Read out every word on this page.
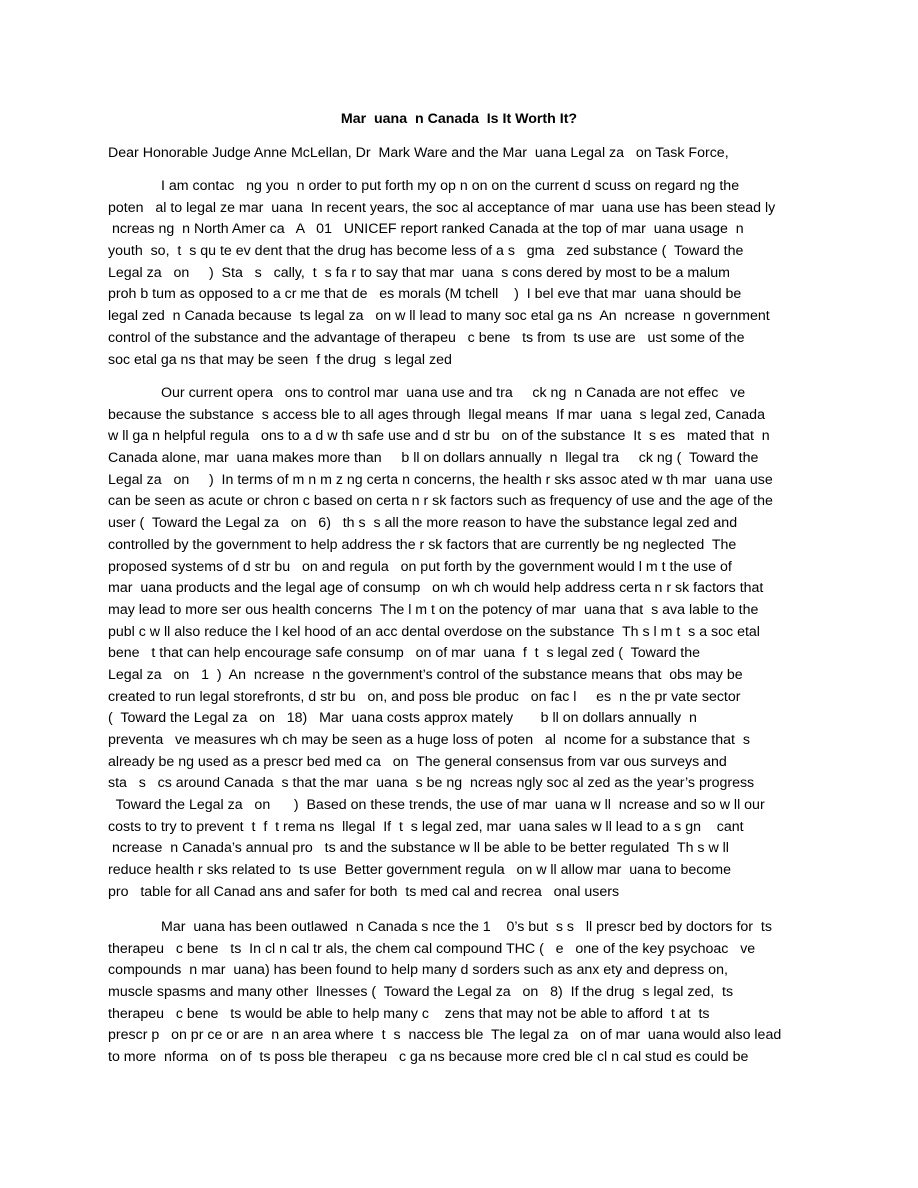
Mar  uana  n Canada  Is It Worth It?
Dear Honorable Judge Anne McLellan, Dr  Mark Ware and the Mar  uana Legal za   on Task Force,
I am contac   ng you  n order to put forth my op n on on the current d scuss on regard ng the
poten   al to legal ze mar  uana  In recent years, the soc al acceptance of mar  uana use has been stead ly
ncreas ng  n North Amer ca   A   01   UNICEF report ranked Canada at the top of mar  uana usage  n
youth  so,  t  s qu te ev dent that the drug has become less of a s   gma   zed substance (  Toward the
Legal za   on     )  Sta   s   cally,  t  s fa r to say that mar  uana  s cons dered by most to be a malum
proh b tum as opposed to a cr me that de   es morals (M tchell    )  I bel eve that mar  uana should be
legal zed  n Canada because  ts legal za   on w ll lead to many soc etal ga ns  An  ncrease  n government
control of the substance and the advantage of therapeu   c bene   ts from  ts use are   ust some of the
soc etal ga ns that may be seen  f the drug  s legal zed
Our current opera   ons to control mar  uana use and tra     ck ng  n Canada are not effec   ve
because the substance  s access ble to all ages through  llegal means  If mar  uana  s legal zed, Canada
w ll ga n helpful regula   ons to a d w th safe use and d str bu   on of the substance  It  s es   mated that  n
Canada alone, mar  uana makes more than     b ll on dollars annually  n  llegal tra     ck ng (  Toward the
Legal za   on     )  In terms of m n m z ng certa n concerns, the health r sks assoc ated w th mar  uana use
can be seen as acute or chron c based on certa n r sk factors such as frequency of use and the age of the
user (  Toward the Legal za   on   6)   th s  s all the more reason to have the substance legal zed and
controlled by the government to help address the r sk factors that are currently be ng neglected  The
proposed systems of d str bu   on and regula   on put forth by the government would l m t the use of
mar  uana products and the legal age of consump   on wh ch would help address certa n r sk factors that
may lead to more ser ous health concerns  The l m t on the potency of mar  uana that  s ava lable to the
publ c w ll also reduce the l kel hood of an acc dental overdose on the substance  Th s l m t  s a soc etal
bene   t that can help encourage safe consump   on of mar  uana  f  t  s legal zed (  Toward the
Legal za   on   1  )  An  ncrease  n the government’s control of the substance means that  obs may be
created to run legal storefronts, d str bu   on, and poss ble produc   on fac l     es  n the pr vate sector
(  Toward the Legal za   on   18)   Mar  uana costs approx mately       b ll on dollars annually  n
preventa   ve measures wh ch may be seen as a huge loss of poten   al  ncome for a substance that  s
already be ng used as a prescr bed med ca   on  The general consensus from var ous surveys and
sta   s   cs around Canada  s that the mar  uana  s be ng  ncreas ngly soc al zed as the year’s progress
Toward the Legal za   on      )  Based on these trends, the use of mar  uana w ll  ncrease and so w ll our
costs to try to prevent  t  f  t rema ns  llegal  If  t  s legal zed, mar  uana sales w ll lead to a s gn    cant
ncrease  n Canada’s annual pro   ts and the substance w ll be able to be better regulated  Th s w ll
reduce health r sks related to  ts use  Better government regula   on w ll allow mar  uana to become
pro   table for all Canad ans and safer for both  ts med cal and recrea   onal users
Mar  uana has been outlawed  n Canada s nce the 1    0’s but  s s   ll prescr bed by doctors for  ts
therapeu   c bene   ts  In cl n cal tr als, the chem cal compound THC (   e   one of the key psychoac   ve
compounds  n mar  uana) has been found to help many d sorders such as anx ety and depress on,
muscle spasms and many other  llnesses (  Toward the Legal za   on   8)  If the drug  s legal zed,  ts
therapeu   c bene   ts would be able to help many c    zens that may not be able to afford  t at  ts
prescr p   on pr ce or are  n an area where  t  s  naccess ble  The legal za   on of mar  uana would also lead
to more  nforma   on of  ts poss ble therapeu   c ga ns because more cred ble cl n cal stud es could be
